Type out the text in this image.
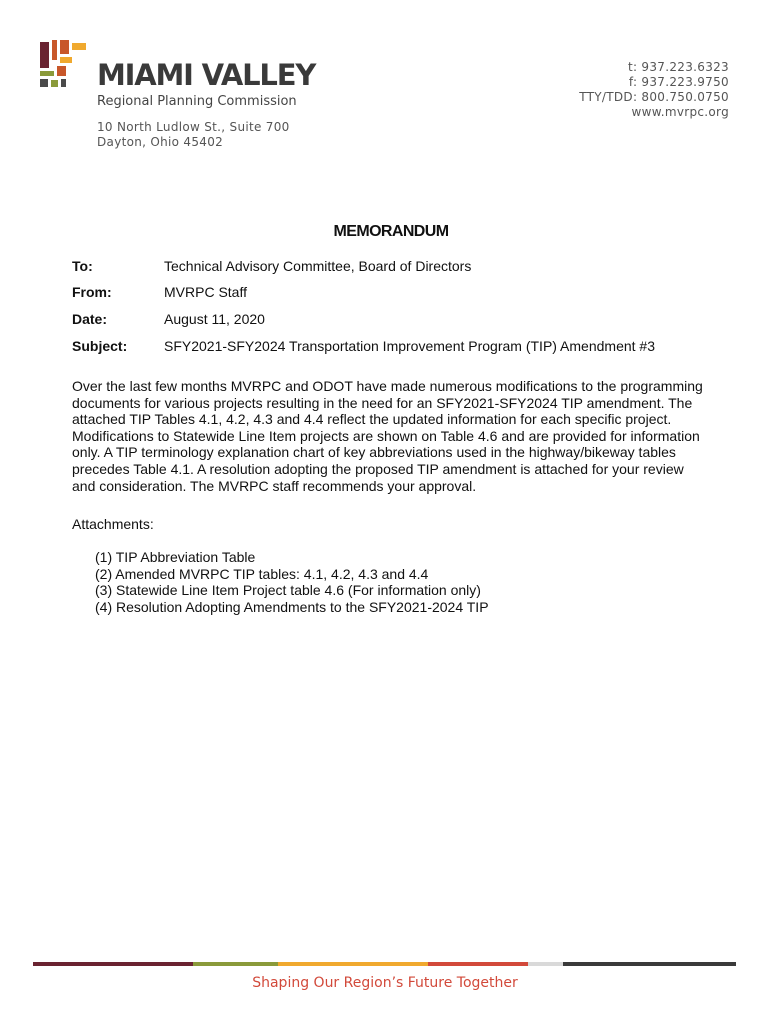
MIAMI VALLEY
Regional Planning Commission
10 North Ludlow St., Suite 700
Dayton, Ohio 45402
t: 937.223.6323
f: 937.223.9750
TTY/TDD: 800.750.0750
www.mvrpc.org
MEMORANDUM
To:	Technical Advisory Committee, Board of Directors
From:	MVRPC Staff
Date:	August 11, 2020
Subject:	SFY2021-SFY2024 Transportation Improvement Program (TIP) Amendment #3
Over the last few months MVRPC and ODOT have made numerous modifications to the programming
documents for various projects resulting in the need for an SFY2021-SFY2024 TIP amendment. The
attached TIP Tables 4.1, 4.2, 4.3 and 4.4 reflect the updated information for each specific project.
Modifications to Statewide Line Item projects are shown on Table 4.6 and are provided for information
only. A TIP terminology explanation chart of key abbreviations used in the highway/bikeway tables
precedes Table 4.1. A resolution adopting the proposed TIP amendment is attached for your review
and consideration. The MVRPC staff recommends your approval.
Attachments:
(1) TIP Abbreviation Table
(2) Amended MVRPC TIP tables: 4.1, 4.2, 4.3 and 4.4
(3) Statewide Line Item Project table 4.6 (For information only)
(4) Resolution Adopting Amendments to the SFY2021-2024 TIP
Shaping Our Region’s Future Together
